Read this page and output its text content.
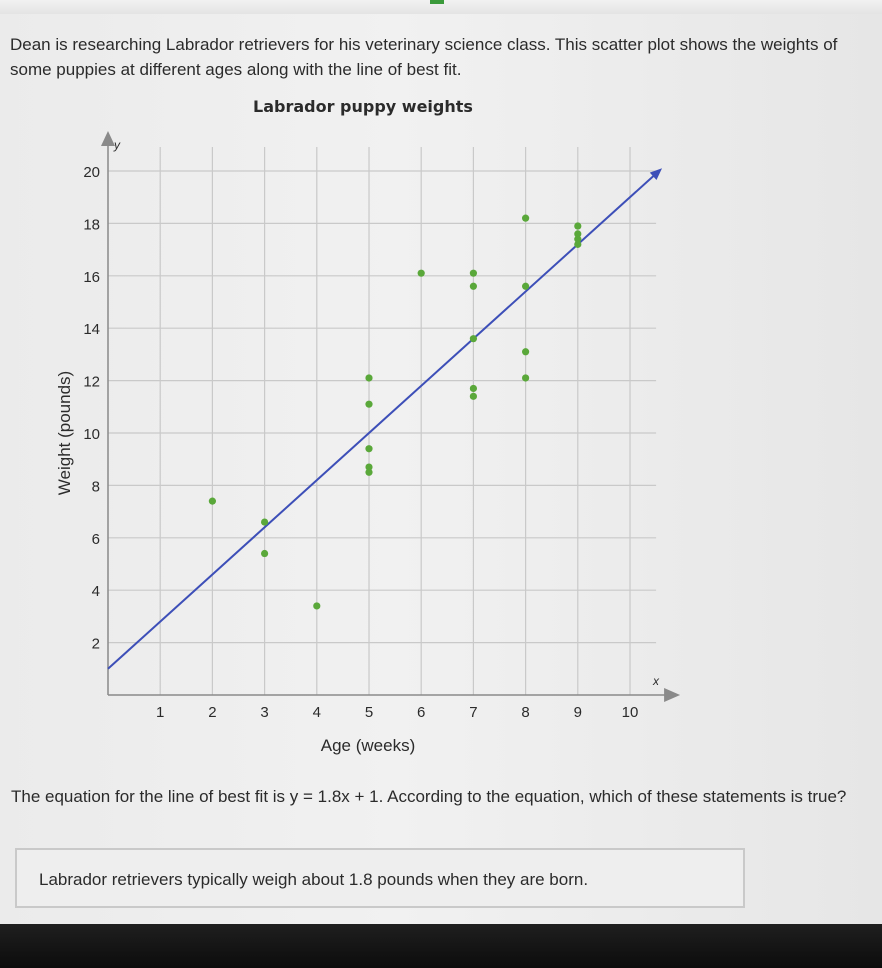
Dean is researching Labrador retrievers for his veterinary science class. This scatter plot shows the weights of some puppies at different ages along with the line of best fit.

Labrador puppy weights
1	2	3	4	5	6	7	8	9	10
2
4
6
8
10
12
14
16
18
20
Weight (pounds)
Age (weeks)
y
x

The equation for the line of best fit is y = 1.8x + 1. According to the equation, which of these statements is true?

Labrador retrievers typically weigh about 1.8 pounds when they are born.
